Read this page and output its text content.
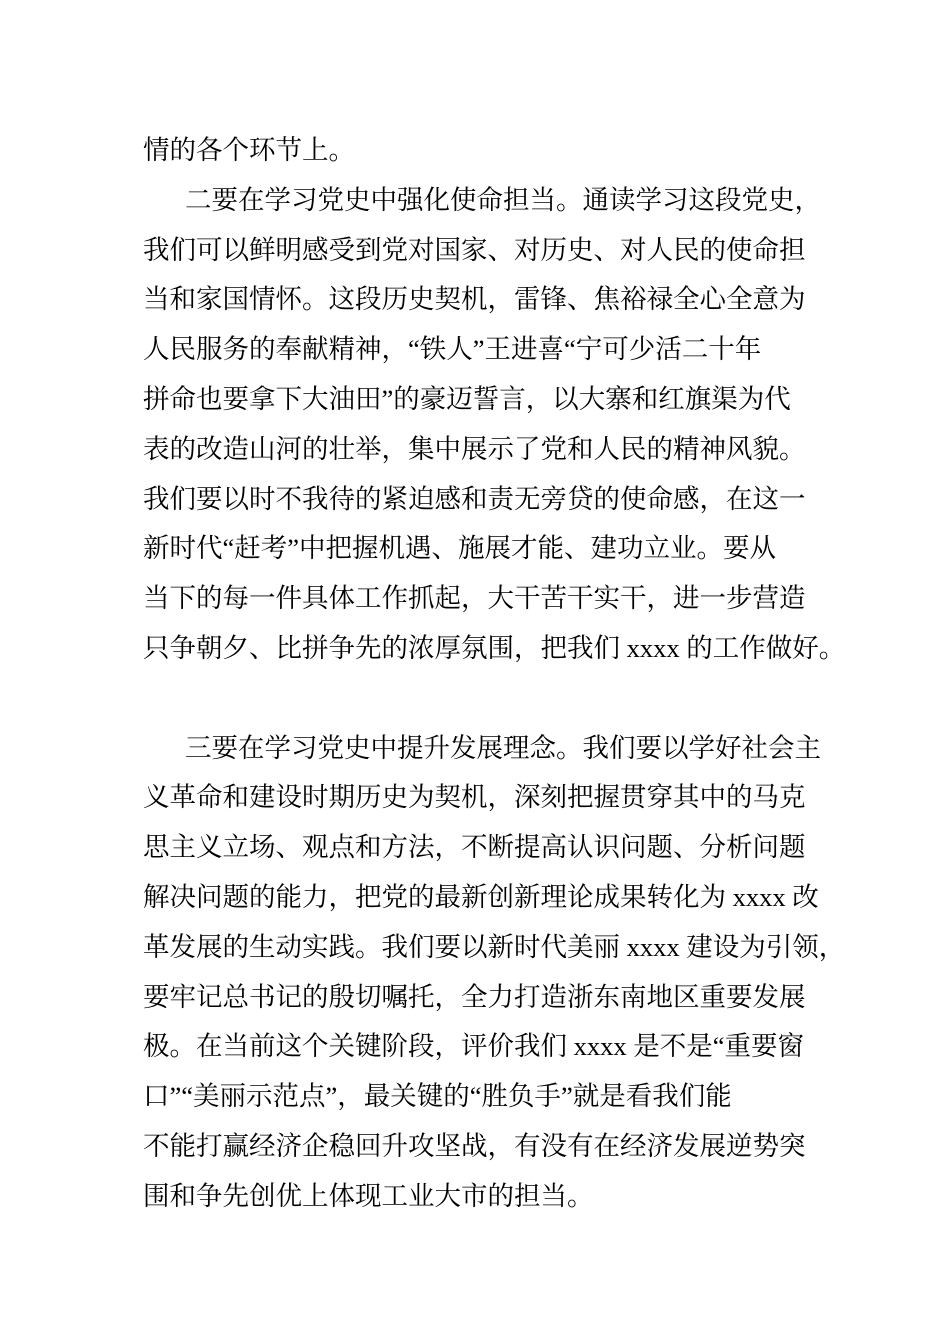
情的各个环节上。
二要在学习党史中强化使命担当。通读学习这段党史，
我们可以鲜明感受到党对国家、对历史、对人民的使命担
当和家国情怀。这段历史契机，雷锋、焦裕禄全心全意为
人民服务的奉献精神，“铁人”王进喜“宁可少活二十年
拼命也要拿下大油田”的豪迈誓言，以大寨和红旗渠为代
表的改造山河的壮举，集中展示了党和人民的精神风貌。
我们要以时不我待的紧迫感和责无旁贷的使命感，在这一
新时代“赶考”中把握机遇、施展才能、建功立业。要从
当下的每一件具体工作抓起，大干苦干实干，进一步营造
只争朝夕、比拼争先的浓厚氛围，把我们 xxxx 的工作做好。

三要在学习党史中提升发展理念。我们要以学好社会主
义革命和建设时期历史为契机，深刻把握贯穿其中的马克
思主义立场、观点和方法，不断提高认识问题、分析问题
解决问题的能力，把党的最新创新理论成果转化为 xxxx 改
革发展的生动实践。我们要以新时代美丽 xxxx 建设为引领，
要牢记总书记的殷切嘱托，全力打造浙东南地区重要发展
极。在当前这个关键阶段，评价我们 xxxx 是不是“重要窗
口”“美丽示范点”，最关键的“胜负手”就是看我们能
不能打赢经济企稳回升攻坚战，有没有在经济发展逆势突
围和争先创优上体现工业大市的担当。
